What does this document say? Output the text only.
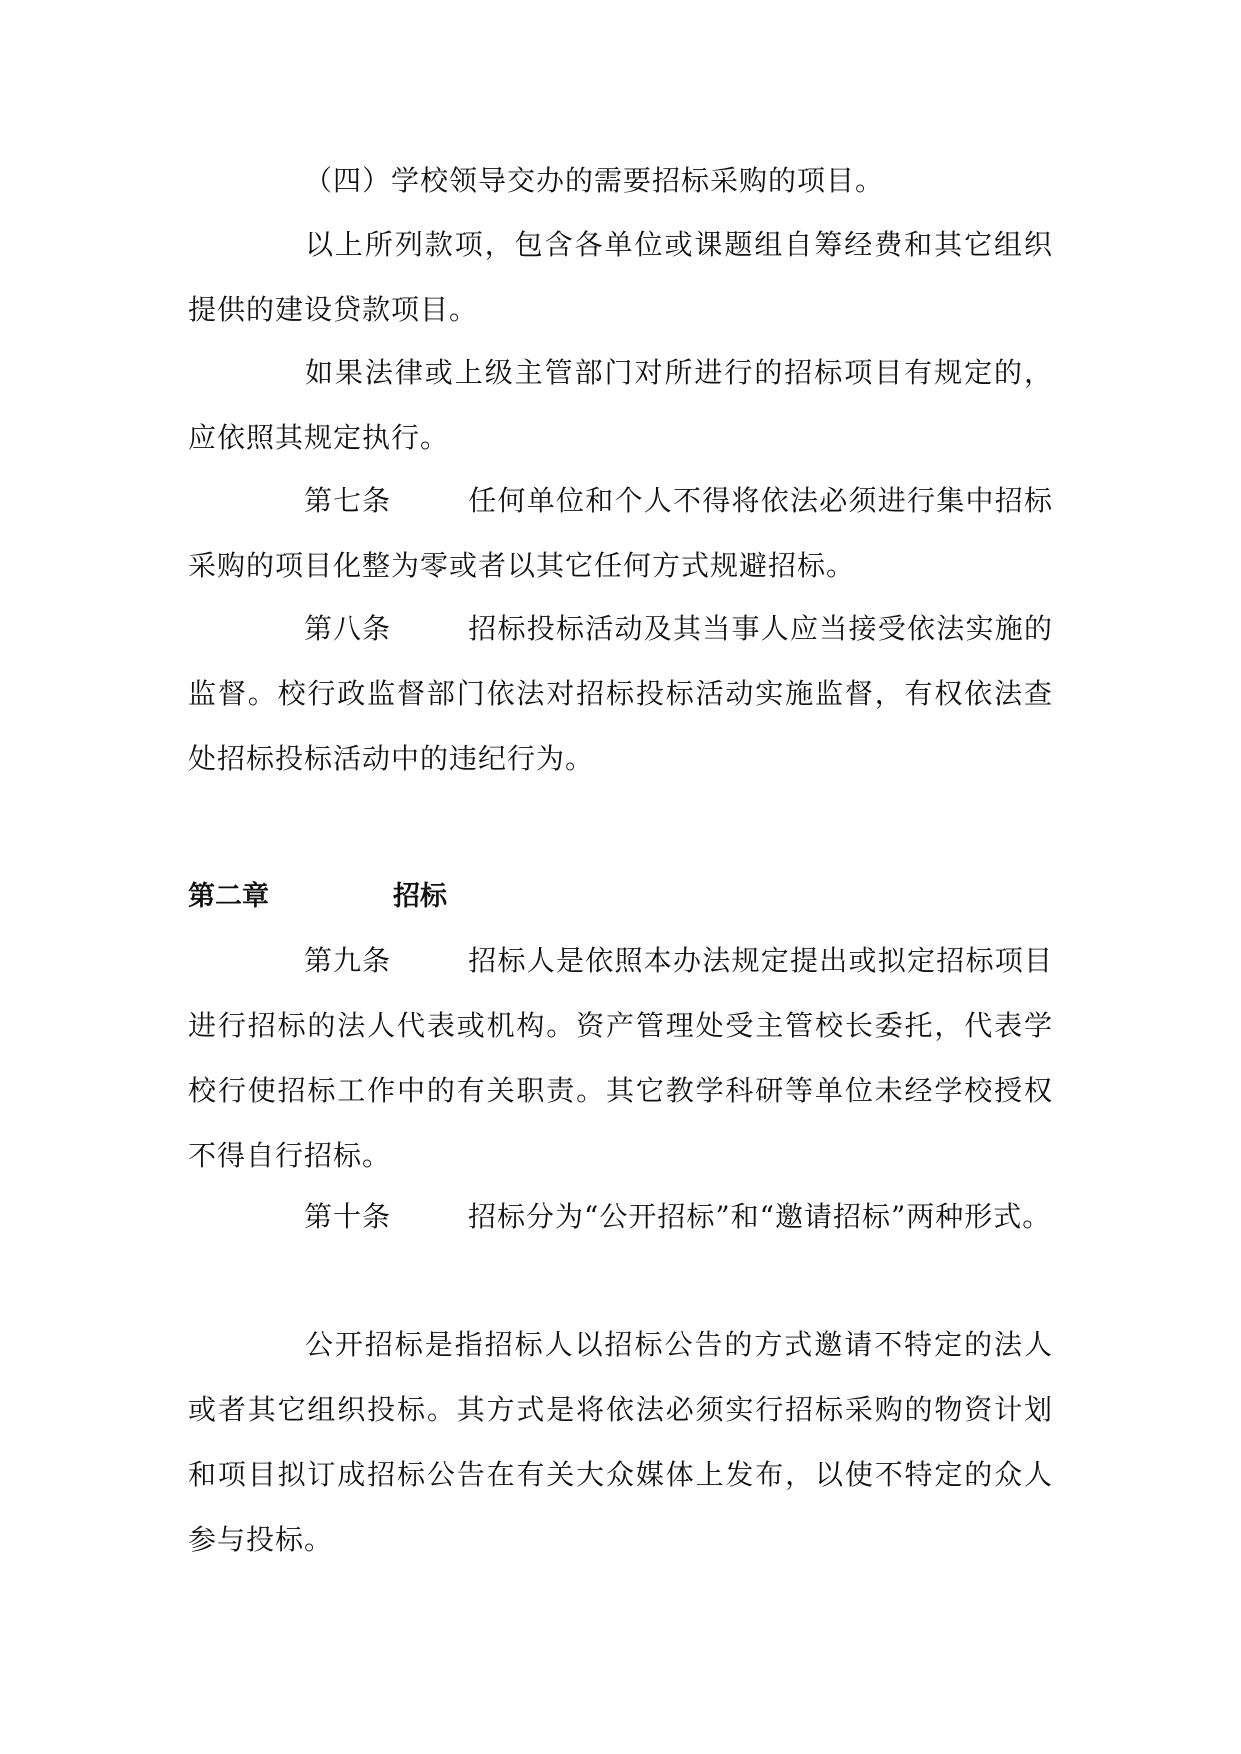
（四）学校领导交办的需要招标采购的项目。

以上所列款项，包含各单位或课题组自筹经费和其它组织提供的建设贷款项目。

如果法律或上级主管部门对所进行的招标项目有规定的，应依照其规定执行。

第七条	任何单位和个人不得将依法必须进行集中招标采购的项目化整为零或者以其它任何方式规避招标。

第八条	招标投标活动及其当事人应当接受依法实施的监督。校行政监督部门依法对招标投标活动实施监督，有权依法查处招标投标活动中的违纪行为。

第二章	招标

第九条	招标人是依照本办法规定提出或拟定招标项目进行招标的法人代表或机构。资产管理处受主管校长委托，代表学校行使招标工作中的有关职责。其它教学科研等单位未经学校授权不得自行招标。

第十条	招标分为“公开招标”和“邀请招标”两种形式。

公开招标是指招标人以招标公告的方式邀请不特定的法人或者其它组织投标。其方式是将依法必须实行招标采购的物资计划和项目拟订成招标公告在有关大众媒体上发布，以使不特定的众人参与投标。
